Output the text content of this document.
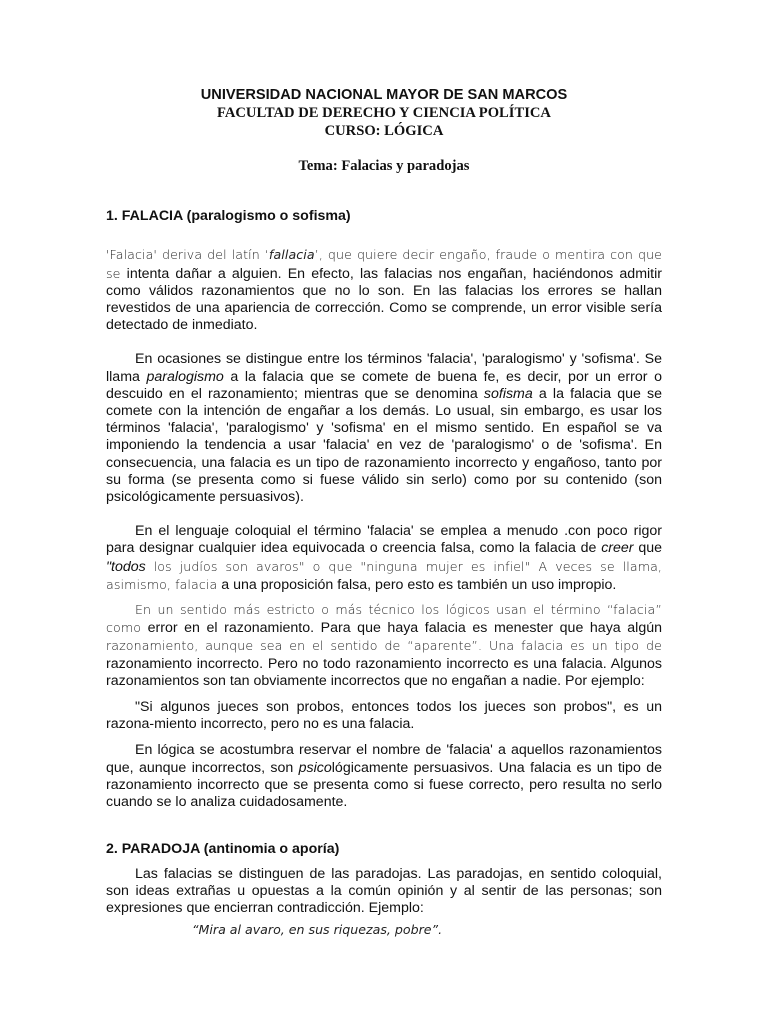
UNIVERSIDAD NACIONAL MAYOR DE SAN MARCOS
FACULTAD DE DERECHO Y CIENCIA POLÍTICA
CURSO: LÓGICA
Tema: Falacias y paradojas
1. FALACIA (paralogismo o sofisma)

'Falacia' deriva del latín ‘fallacia’, que quiere decir engaño, fraude o mentira con que se intenta dañar a alguien. En efecto, las falacias nos engañan, haciéndonos admitir como válidos razonamientos que no lo son. En las falacias los errores se hallan revestidos de una apariencia de corrección. Como se comprende, un error visible sería detectado de inmediato.

En ocasiones se distingue entre los términos 'falacia', 'paralogismo' y 'sofisma'. Se llama paralogismo a la falacia que se comete de buena fe, es decir, por un error o descuido en el razonamiento; mientras que se denomina sofisma a la falacia que se comete con la intención de engañar a los demás. Lo usual, sin embargo, es usar los términos 'falacia', 'paralogismo' y 'sofisma' en el mismo sentido. En español se va imponiendo la tendencia a usar 'falacia' en vez de 'paralogismo' o de 'sofisma'. En consecuencia, una falacia es un tipo de razonamiento incorrecto y engañoso, tanto por su forma (se presenta como si fuese válido sin serlo) como por su contenido (son psicológicamente persuasivos).

En el lenguaje coloquial el término 'falacia' se emplea a menudo .con poco rigor para designar cualquier idea equivocada o creencia falsa, como la falacia de creer que "todos los judíos son avaros" o que "ninguna mujer es infiel" A veces se llama, asimismo, falacia a una proposición falsa, pero esto es también un uso impropio.

En un sentido más estricto o más técnico los lógicos usan el término “falacia” como error en el razonamiento. Para que haya falacia es menester que haya algún razonamiento, aunque sea en el sentido de “aparente”. Una falacia es un tipo de razonamiento incorrecto. Pero no todo razonamiento incorrecto es una falacia. Algunos razonamientos son tan obviamente incorrectos que no engañan a nadie. Por ejemplo:

"Si algunos jueces son probos, entonces todos los jueces son probos", es un razona-miento incorrecto, pero no es una falacia.

En lógica se acostumbra reservar el nombre de 'falacia' a aquellos razonamientos que, aunque incorrectos, son psicológicamente persuasivos. Una falacia es un tipo de razonamiento incorrecto que se presenta como si fuese correcto, pero resulta no serlo cuando se lo analiza cuidadosamente.

2. PARADOJA (antinomia o aporía)

Las falacias se distinguen de las paradojas. Las paradojas, en sentido coloquial, son ideas extrañas u opuestas a la común opinión y al sentir de las personas; son expresiones que encierran contradicción. Ejemplo:

“Mira al avaro, en sus riquezas, pobre”.
